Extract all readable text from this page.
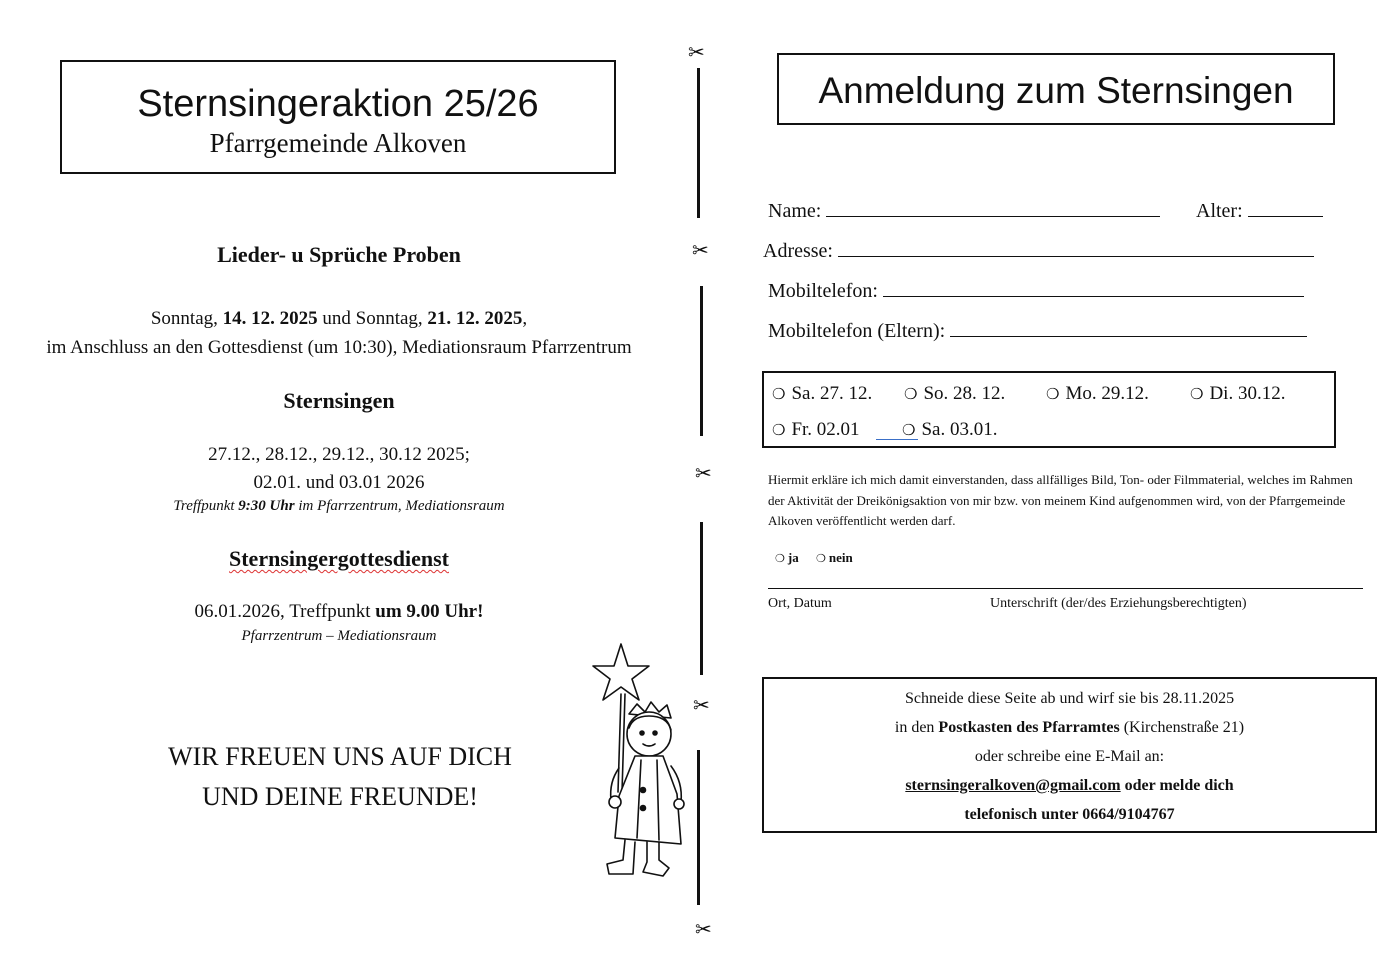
Sternsingeraktion 25/26
Pfarrgemeinde Alkoven
Lieder- u Sprüche Proben
Sonntag, 14. 12. 2025 und Sonntag, 21. 12. 2025,
im Anschluss an den Gottesdienst (um 10:30), Mediationsraum Pfarrzentrum
Sternsingen
27.12., 28.12., 29.12., 30.12 2025;
02.01. und 03.01 2026
Treffpunkt 9:30 Uhr im Pfarrzentrum, Mediationsraum
Sternsingergottesdienst
06.01.2026, Treffpunkt um 9.00 Uhr!
Pfarrzentrum – Mediationsraum
WIR FREUEN UNS AUF DICH
UND DEINE FREUNDE!
✂
✂
✂
✂
✂
Anmeldung zum Sternsingen
Name:	Alter:
Adresse:
Mobiltelefon:
Mobiltelefon (Eltern):
❍ Sa. 27. 12. ❍ So. 28. 12.	❍ Mo. 29.12.	❍ Di. 30.12.
❍ Fr. 02.01	❍ Sa. 03.01.
Hiermit erkläre ich mich damit einverstanden, dass allfälliges Bild, Ton- oder Filmmaterial, welches im Rahmen der Aktivität der Dreikönigsaktion von mir bzw. von meinem Kind aufgenommen wird, von der Pfarrgemeinde Alkoven veröffentlicht werden darf.
❍ ja ❍ nein
Ort, Datum	Unterschrift (der/des Erziehungsberechtigten)
Schneide diese Seite ab und wirf sie bis 28.11.2025
in den Postkasten des Pfarramtes (Kirchenstraße 21)
oder schreibe eine E-Mail an:
sternsingeralkoven@gmail.com oder melde dich
telefonisch unter 0664/9104767
